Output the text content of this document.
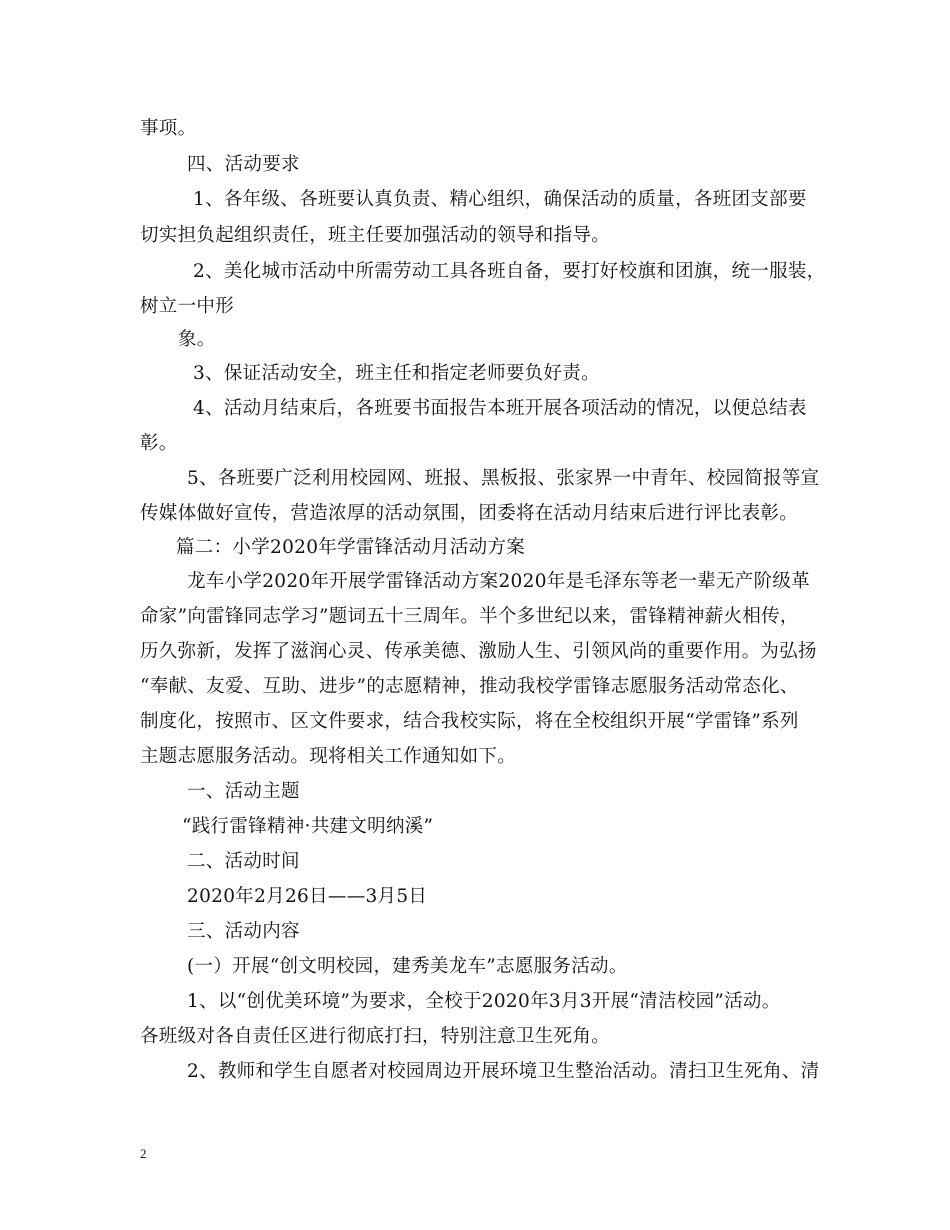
事项。
四、活动要求
1、各年级、各班要认真负责、精心组织，确保活动的质量，各班团支部要
切实担负起组织责任，班主任要加强活动的领导和指导。
2、美化城市活动中所需劳动工具各班自备，要打好校旗和团旗，统一服装，
树立一中形
象。
3、保证活动安全，班主任和指定老师要负好责。
4、活动月结束后，各班要书面报告本班开展各项活动的情况，以便总结表
彰。
5、各班要广泛利用校园网、班报、黑板报、张家界一中青年、校园简报等宣
传媒体做好宣传，营造浓厚的活动氛围，团委将在活动月结束后进行评比表彰。
篇二：小学2020年学雷锋活动月活动方案
龙车小学2020年开展学雷锋活动方案2020年是毛泽东等老一辈无产阶级革
命家”向雷锋同志学习”题词五十三周年。半个多世纪以来，雷锋精神薪火相传，
历久弥新，发挥了滋润心灵、传承美德、激励人生、引领风尚的重要作用。为弘扬
“奉献、友爱、互助、进步”的志愿精神，推动我校学雷锋志愿服务活动常态化、
制度化，按照市、区文件要求，结合我校实际，将在全校组织开展“学雷锋”系列
主题志愿服务活动。现将相关工作通知如下。
一、活动主题
“践行雷锋精神·共建文明纳溪”
二、活动时间
2020年2月26日——3月5日
三、活动内容
(一）开展“创文明校园，建秀美龙车”志愿服务活动。
1、以“创优美环境”为要求，全校于2020年3月3开展“清洁校园”活动。
各班级对各自责任区进行彻底打扫，特别注意卫生死角。
2、教师和学生自愿者对校园周边开展环境卫生整治活动。清扫卫生死角、清
2
